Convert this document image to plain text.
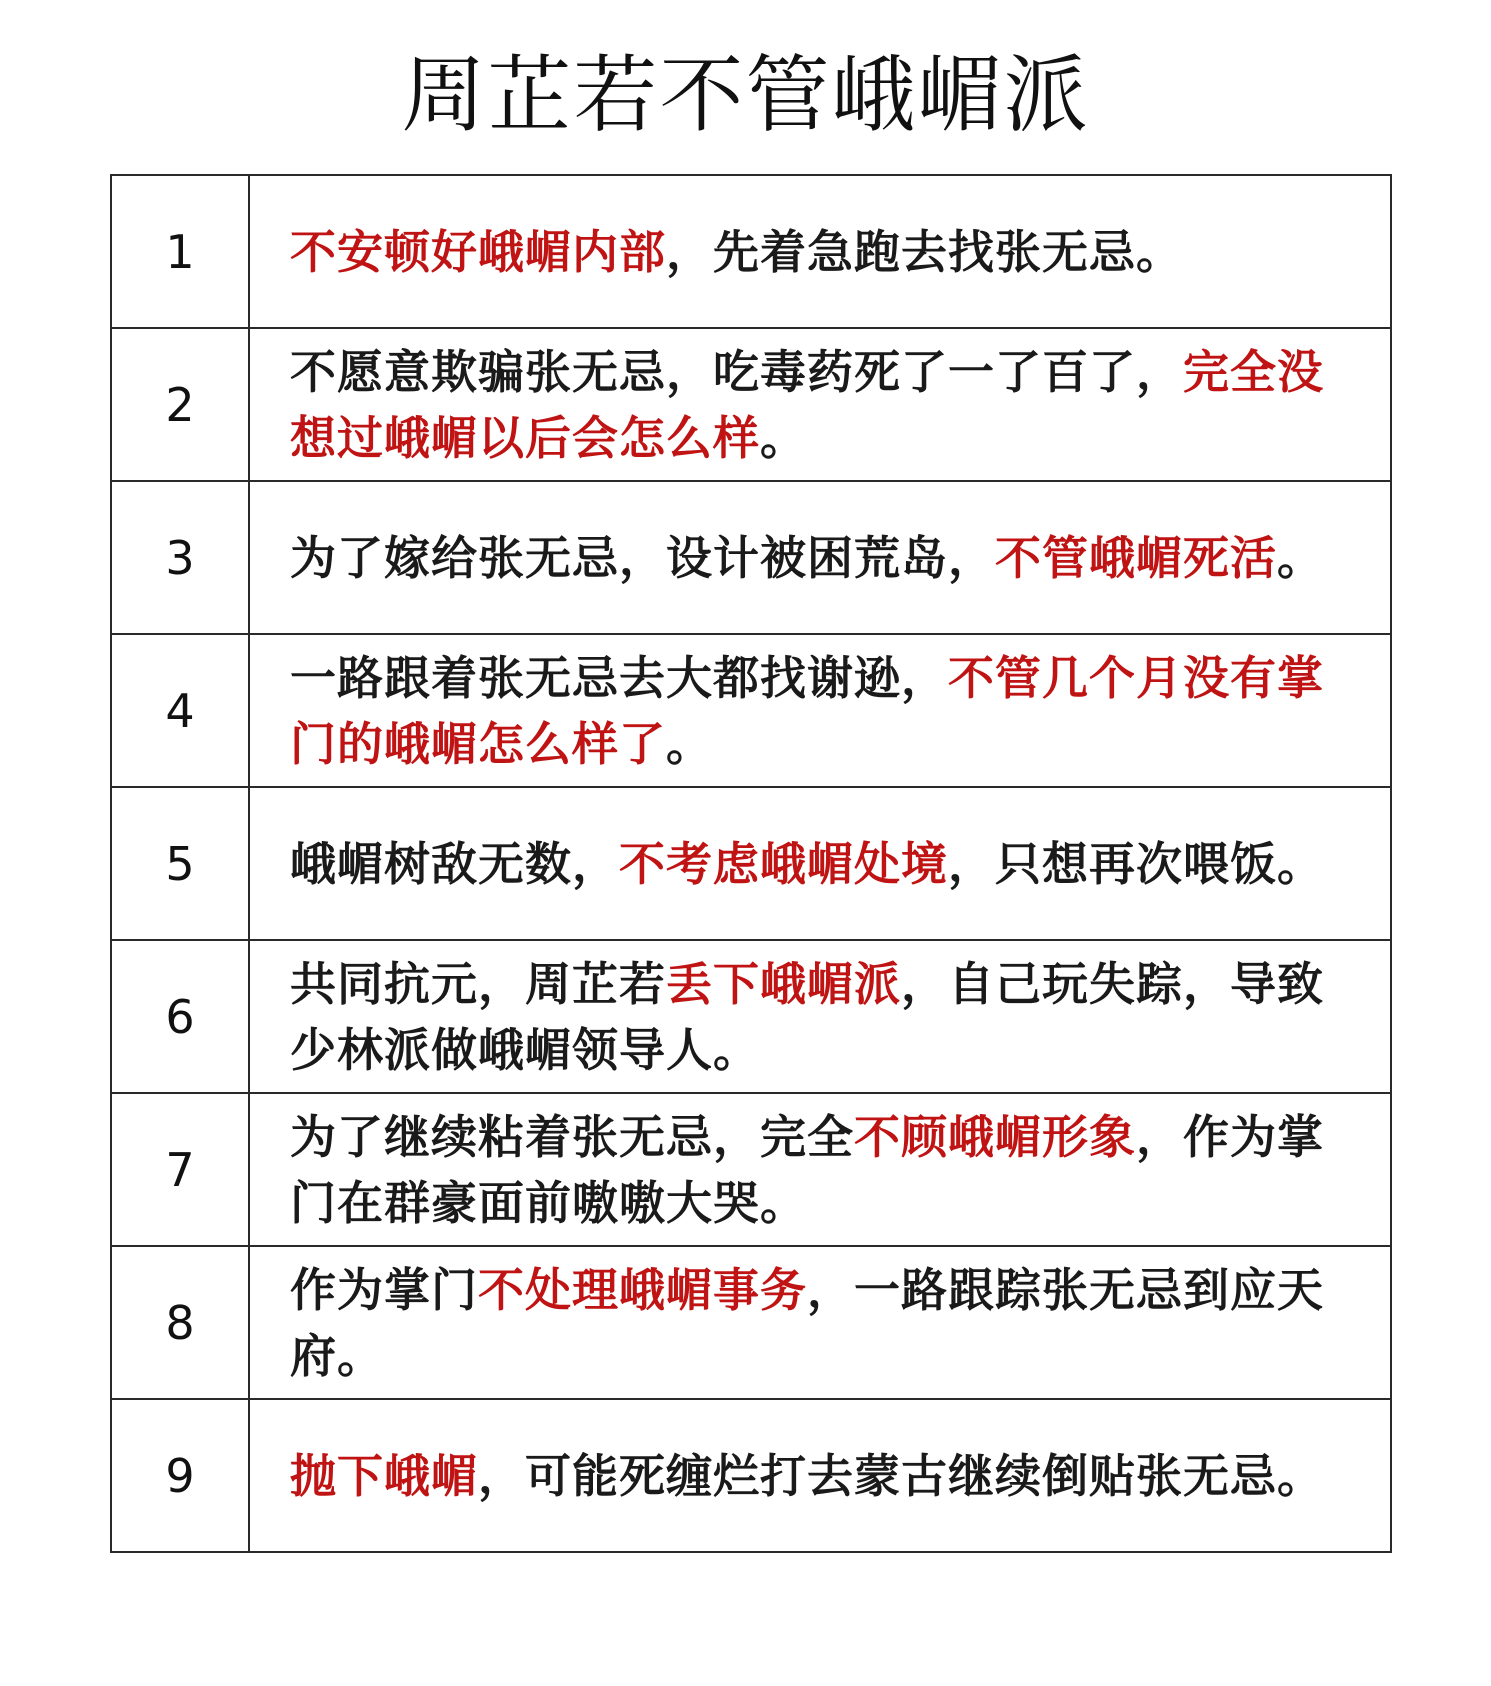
周芷若不管峨嵋派
1	不安顿好峨嵋内部，先着急跑去找张无忌。
2	不愿意欺骗张无忌，吃毒药死了一了百了，完全没想过峨嵋以后会怎么样。
3	为了嫁给张无忌，设计被困荒岛，不管峨嵋死活。
4	一路跟着张无忌去大都找谢逊，不管几个月没有掌门的峨嵋怎么样了。
5	峨嵋树敌无数，不考虑峨嵋处境，只想再次喂饭。
6	共同抗元，周芷若丢下峨嵋派，自己玩失踪，导致少林派做峨嵋领导人。
7	为了继续粘着张无忌，完全不顾峨嵋形象，作为掌门在群豪面前嗷嗷大哭。
8	作为掌门不处理峨嵋事务，一路跟踪张无忌到应天府。
9	抛下峨嵋，可能死缠烂打去蒙古继续倒贴张无忌。
